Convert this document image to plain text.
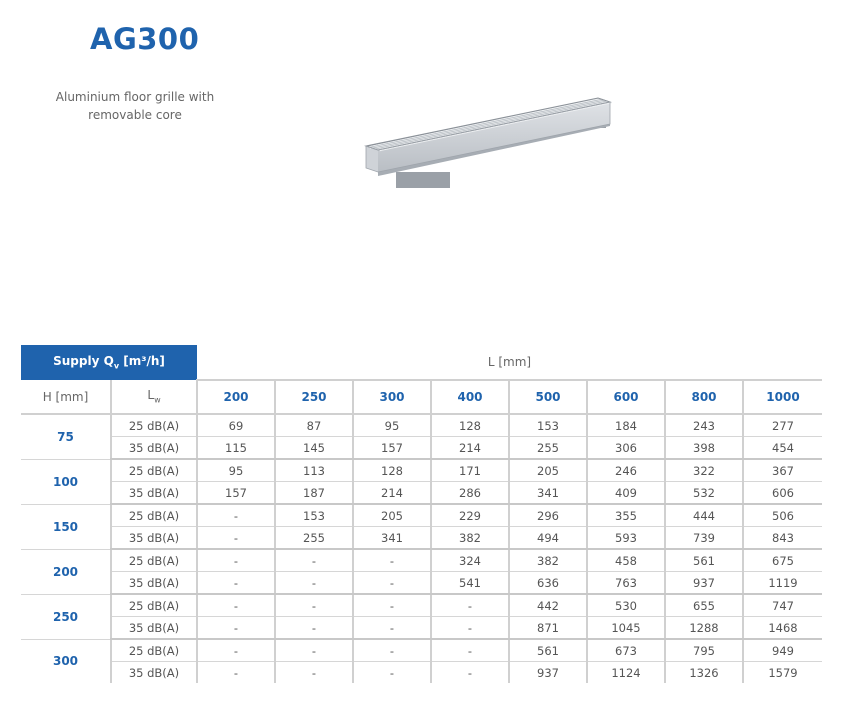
AG300
Aluminium floor grille with removable core
Supply $Q_v$ [m³/h]		L [mm]							
H [mm]	$L_w$	200	250	300	400	500	600	800	1000
75	25 dB(A)	69	87	95	128	153	184	243	277
	35 dB(A)	115	145	157	214	255	306	398	454
100	25 dB(A)	95	113	128	171	205	246	322	367
	35 dB(A)	157	187	214	286	341	409	532	606
150	25 dB(A)	-	153	205	229	296	355	444	506
	35 dB(A)	-	255	341	382	494	593	739	843
200	25 dB(A)	-	-	-	324	382	458	561	675
	35 dB(A)	-	-	-	541	636	763	937	1119
250	25 dB(A)	-	-	-	-	442	530	655	747
	35 dB(A)	-	-	-	-	871	1045	1288	1468
300	25 dB(A)	-	-	-	-	561	673	795	949
	35 dB(A)	-	-	-	-	937	1124	1326	1579
